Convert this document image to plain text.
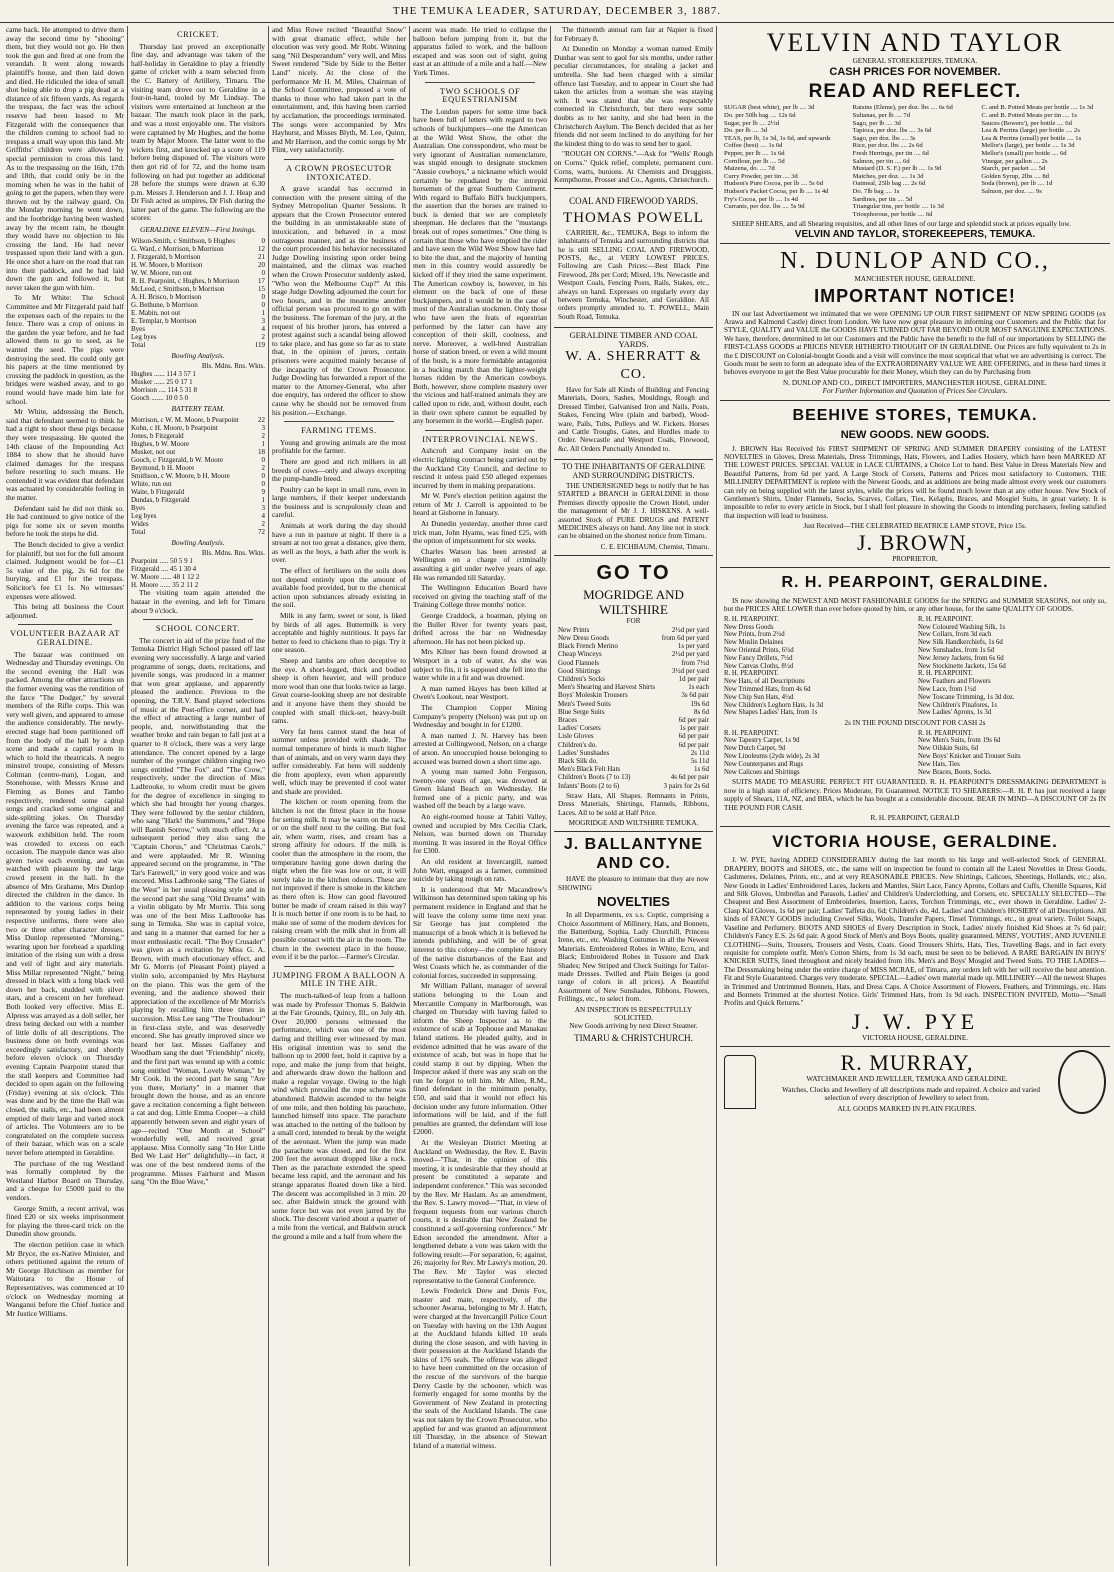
THE TEMUKA LEADER, SATURDAY, DECEMBER 3, 1887.

came back. He attempted to drive them away the second time by "shooing" them, but they would not go. He then took the gun and fired at one from the verandah. It went along towards plaintiff's house, and then laid down and died. He ridiculed the idea of small shot being able to drop a pig dead at a distance of six fifteen yards. As regards the trespass, the fact was the school reserve had been leased to Mr Fitzgerald with the consequence that the children coming to school had to trespass a small way upon this land. Mr Griffiths' children were allowed by special permission to cross this land. As to the trespassing on the 16th, 17th and 18th, that could only be in the morning when he was in the habit of going to get the papers, when they were thrown out by the railway guard. On the Monday morning he went down, and the footbridge having been washed away by the recent rain, he thought they would have no objection to his crossing the land. He had never trespassed upon their land with a gun. He once shot a hare on the road that ran into their paddock, and he had laid down the gun and followed it, but never taken the gun with him.

To Mr White: The School Committee and Mr Fitzgerald paid half the expenses each of the repairs to the fence. There was a crop of onions in the garden the year before, and he had allowed them to go to seed, as he wanted the seed. The pigs were destroying the seed. He could only get his papers at the time mentioned by crossing the paddock in question, as the bridges were washed away, and to go round would have made him late for school.

Mr White, addressing the Bench, said that defendant seemed to think he had a right to shoot these pigs because they were trespassing. He quoted the 14th clause of the Impounding Act 1884 to show that he should have claimed damages for the trespass before resorting to such means. He contended it was evident that defendant was actuated by considerable feeling in the matter.

Defendant said he did not think so. He had continued to give notice of the pigs for some six or seven months before he took the steps he did.

The Bench decided to give a verdict for plaintiff, but not for the full amount claimed. Judgment would be for—£1 5s value of the pig, 2s 6d for the burying, and £1 for the trespass. Solicitor's fee £1 1s. No witnesses' expenses were allowed.

This being all business the Court adjourned.

VOLUNTEER BAZAAR AT GERALDINE.

The bazaar was continued on Wednesday and Thursday evenings. On the second evening the Hall was packed. Among the other attractions on the former evening was the rendition of the farce "The Dodger," by several members of the Rifle corps. This was very well given, and appeared to amuse the audience considerably. The newly-erected stage had been partitioned off from the body of the hall by a drop scene and made a capital room in which to hold the theatricals. A negro minstrel troupe, consisting of Messrs Coltman (centre-man), Logan, and Stonehouse, with Messrs Kruse and Fleming as Bones and Tambo respectively, rendered some capital songs and cracked some original and side-splitting jokes. On Thursday evening the farce was repeated, and a waxwork exhibition held. The room was crowded to excess on each occasion. The maypole dance was also given twice each evening, and was watched with pleasure by the large crowd present in the hall. In the absence of Mrs Grahame, Mrs Dunlop directed the children in the dance. In addition to the various corps being represented by young ladies in their respective uniforms, there were also two or three other character dresses. Miss Dunlop represented "Morning," wearing upon her forehead a sparkling imitation of the rising sun with a dress and veil of light and airy materials. Miss Millar represented "Night," being dressed in black with a long black veil down her back, studded with silver stars, and a crescent on her forehead. Both looked very effective. Miss E. Alpress was arrayed as a doll seller, her dress being decked out with a number of little dolls of all descriptions. The business done on both evenings was exceedingly satisfactory, and shortly before eleven o'clock on Thursday evening Captain Pearpoint stated that the stall keepers and Committee had decided to open again on the following (Friday) evening at six o'clock. This was done and by the time the Hall was closed, the stalls, etc., had been almost emptied of their large and varied stock of articles. The Volunteers are to be congratulated on the complete success of their bazaar, which was on a scale never before attempted in Geraldine.

The purchase of the tug Westland was formally completed by the Westland Harbor Board on Thursday, and a cheque for £5000 paid to the vendors.

George Smith, a recent arrival, was fined £20 or six weeks imprisonment for playing the three-card trick on the Dunedin show grounds.

The election petition case in which Mr Bryce, the ex-Native Minister, and others petitioned against the return of Mr George Hutchison as member for Waitotara to the House of Representatives, was commenced at 10 o'clock on Wednesday morning at Wanganui before the Chief Justice and Mr Justice Williams.

CRICKET.

Thursday last proved an exceptionally fine day, and advantage was taken of the half-holiday in Geraldine to play a friendly game of cricket with a team selected from the C. Battery of Artillery, Timaru. The visiting team drove out to Geraldine in a four-in-hand, tooled by Mr Lindsay. The visitors were entertained at luncheon at the bazaar. The match took place in the park, and was a most enjoyable one. The visitors were captained by Mr Hughes, and the home team by Major Moore. The latter went to the wickets first, and knocked up a score of 119 before being disposed of. The visitors were then got rid of for 72, and the home team following on had put together an additional 28 before the stumps were drawn at 6.30 p.m. Messrs J. Henderson and J. J. Heap and Dr Fish acted as umpires, Dr Fish during the latter part of the game. The following are the scores:

GERALDINE ELEVEN—First Innings.
Wilson-Smith, c Smithson, b Hughes	0
G. Ward, c Morrison, b Morrison	12
J. Fitzgerald, b Morrison	21
H. W. Moore, b Morrison	20
W. W. Moore, run out	0
R. H. Pearpoint, c Hughes, b Morrison	17
McLeod, c Smithson, b Morrison	15
A. H. Brisco, b Morrison	0
G. Bethune, b Morrison	0
E. Mabin, not out	1
E. Templar, b Morrison	3
Byes	4
Leg byes	2
Total	119
Bowling Analysis.
Bls. Mdns. Rns. Wkts.
Hughes ...... 114 3 57 1
Musker ...... 25 0 17 1
Morrison .... 114 5 31 8
Gooch ....... 10 0 5 0
BATTERY TEAM.
Morrison, c W. M. Moore, b Pearpoint	22
Kohn, c H. Moore, b Pearpoint	3
Jones, b Fitzgerald	2
Hughes, b W. Moore	1
Musker, not out	18
Gooch, c Fitzgerald, b W. Moore	0
Beymond, b H. Moore	2
Smithson, c W. Moore, b H. Moore	0
White, run out	0
Waite, b Fitzgerald	9
Dundas, b Fitzgerald	1
Byes	3
Leg byes	4
Wides	2
Total	72
Bowling Analysis.
Bls. Mdns. Rns. Wkts.
Pearpoint ..... 50 5 9 1
Fitzgerald .... 45 1 30 4
W. Moore ...... 48 1 12 2
H. Moore ...... 35 2 11 2

The visiting team again attended the bazaar in the evening, and left for Timaru about 9 o'clock.

SCHOOL CONCERT.

The concert in aid of the prize fund of the Temuka District High School passed off last evening very successfully. A large and varied programme of songs, duets, recitations, and juvenile songs, was produced in a manner that won great applause, and apparently pleased the audience. Previous to the opening, the T.R.V. Band played selections of music at the Post-office corner, and had the effect of attracting a large number of people, and, notwithstanding that the weather broke and rain began to fall just at a quarter to 8 o'clock, there was a very large attendance. The concert opened by a large number of the younger children singing two songs entitled "The Fox" and "The Crow," respectively, under the direction of Miss Ladbrooke, to whom credit must be given for the degree of excellence in singing to which she had brought her young charges. They were followed by the senior children, who sang "Hark! the Summons," and "Hope will Banish Sorrow," with much effect. At a subsequent period they also sang the "Captain Chorus," and "Christmas Carols," and were applauded. Mr R. Winning appeared second on the programme, in "The Tar's Farewell," in very good voice and was encored. Miss Ladbrooke sang "The Gates of the West" in her usual pleasing style and in the second part she sang "Old Dreams" with a violin obligato by Mr Morris. This song was one of the best Miss Ladbrooke has sung in Temuka. She was in capital voice, and sang in a manner that earned for her a most enthusiastic recall. "The Boy Crusader" was given as a recitation by Miss G. A. Brown, with much elocutionary effect, and Mr G. Morris (of Pleasant Point) played a violin solo, accompanied by Mrs Hayhurst on the piano. This was the gem of the evening, and the audience showed their appreciation of the excellence of Mr Morris's playing by recalling him three times in succession. Miss Lee sang "The Troubadour" in first-class style, and was deservedly encored. She has greatly improved since we heard her last. Misses Gaffaney and Woodham sang the duet "Friendship" nicely, and the first part was wound up with a comic song entitled "Woman, Lovely Woman," by Mr Cook. In the second part he sang "Are you there, Moriarty" in a manner that brought down the house, and as an encore gave a recitation concerning a fight between a cat and dog. Little Emma Cooper—a child apparently between seven and eight years of age—recited "One Month at School" wonderfully well, and received great applause. Miss Connolly sang "In Her Little Bed We Laid Her" delightfully—in fact, it was one of the best rendered items of the programme. Misses Fairhurst and Mason sang "On the Blue Wave,"

and Miss Rowe recited "Beautiful Snow" with great dramatic effect, while her elocution was very good. Mr Robt. Winning sang "Nil Desperandum" very well, and Miss Sweet rendered "Side by Side to the Better Land" nicely. At the close of the performance Mr H. M. Miles, Chairman of the School Committee, proposed a vote of thanks to those who had taken part in the entertainment, and, this having been carried by acclamation, the proceedings terminated. The songs were accompanied by Mrs Hayhurst, and Misses Blyth, M. Lee, Quinn, and Mr Harrison, and the comic songs by Mr Flint, very satisfactorily.

A CROWN PROSECUTOR INTOXICATED.

A grave scandal has occurred in connection with the present sitting of the Sydney Metropolitan Quarter Sessions. It appears that the Crown Prosecutor entered the building in an unmistakeable state of intoxication, and behaved in a most outrageous manner, and as the business of the court proceeded his behavior necessitated Judge Dowling insisting upon order being maintained, and the climax was reached when the Crown Prosecutor suddenly asked, "Who won the Melbourne Cup?" At this stage Judge Dowling adjourned the court for two hours, and in the meantime another official person was procured to go on with the business. The foreman of the jury, at the request of his brother jurors, has entered a protest against such a scandal being allowed to take place, and has gone so far as to state that, in the opinion of jurors, certain prisoners were acquitted mainly because of the incapacity of the Crown Prosecutor. Judge Dowling has forwarded a report of the matter to the Attorney-General, who after due enquiry, has ordered the officer to show cause why he should not be removed from his position.—Exchange.

FARMING ITEMS.

Young and growing animals are the most profitable for the farmer.

There are good and rich milkers in all breeds of cows—only and always excepting the pump-handle breed.

Poultry can be kept in small runs, even in large numbers, if their keeper understands the business and is scrupulously clean and careful.

Animals at work during the day should have a run in pasture at night. If there is a stream at not too great a distance, give them, as well as the boys, a bath after the work is over.

The effect of fertilisers on the soils does not depend entirely upon the amount of available food provided, but to the chemical action upon substances already existing in the soil.

Milk in any farm, sweet or sour, is liked by birds of all ages. Buttermilk is very acceptable and highly nutritious. It pays far better to feed to chickens than to pigs. Try it one season.

Sheep and lambs are often deceptive to the eye. A short-legged, thick and bodied sheep is often heavier, and will produce more wool than one that looks twice as large. Great coarse-looking sheep are not desirable and it anyone have them they should be coupled with small thick-set, heavy-built rams.

Very fat hens cannot stand the heat of summer unless provided with shade. The normal temperature of birds is much higher than of animals, and on very warm days they suffer considerably. Fat hens will suddenly die from apoplexy, even when apparently well, which may be prevented if cool water and shade are provided.

The kitchen or room opening from the kitchen is not the fittest place in the house for setting milk. It may be warm on the rack, or on the shelf next to the ceiling. But foul air, when warm, rises, and cream has a strong affinity for odours. If the milk is cooler than the atmosphere in the room, the temperature having gone down during the night when the fire was low or out, it will surely take in the kitchen odours. These are not improved if there is smoke in the kitchen as there often is. How can good flavoured butter be made of cream raised in this way? It is much better if one room is to be had, to make use of some of the modern devices for raising cream with the milk shut in from all possible contact with the air in the room. The churn in the sweetest place in the house, even if it be the parlor.—Farmer's Circular.

JUMPING FROM A BALLOON A MILE IN THE AIR.

The much-talked-of leap from a balloon was made by Professor Thomas S. Baldwin at the Fair Grounds, Quincy, Ill., on July 4th. Over 20,000 persons witnessed the performance, which was one of the most daring and thrilling ever witnessed by man. His original intention was to send the balloon up to 2000 feet, hold it captive by a rope, and make the jump from that height, and afterwards draw down the balloon and make a regular voyage. Owing to the high wind which prevailed the rope scheme was abandoned. Baldwin ascended to the height of one mile, and then holding his parachute, launched himself into space. The parachute was attached to the netting of the balloon by a small cord, intended to break by the weight of the aeronaut. When the jump was made the parachute was closed, and for the first 200 feet the aeronaut dropped like a rock. Then as the parachute extended the speed became less rapid, and the aeronaut and his strange apparatus floated down like a bird. The descent was accomplished in 3 min. 20 sec. after Baldwin struck the ground with some force but was not even jarred by the shock. The descent varied about a quarter of a mile from the vertical, and Baldwin struck the ground a mile and a half from where the

ascent was made. He tried to collapse the balloon before jumping from it, but the apparatus failed to work, and the balloon escaped and was soon out of sight, going east at an altitude of a mile and a half.—New York Times.

TWO SCHOOLS OF EQUESTRIANISM

The London papers for some time back have been full of letters with regard to two schools of buckjumpers—one the American at the Wild West Show, the other the Australian. One correspondent, who must be very ignorant of Australian nomenclature, was stupid enough to designate stockmen "Aussie cowboys," a nickname which would certainly be repudiated by the intrepid horsemen of the great Southern Continent. With regard to Buffalo Bill's buckjumpers, the assertion that the horses are trained to buck is denied that we are completely sheepman. He declares that the "mustangs break out of ropes sometimes." One thing is certain that those who have emptied the rider and have seen the Wild West Show have had to bite the dust, and the majority of hunting men in this country would assuredly be kicked off if they tried the same experiment. The American cowboy is, however, in his element on the back of one of these buckjumpers, and it would be in the case of most of the Australian stockmen. Only those who have seen the feats of equestrian performed by the latter can have any conception of their skill, coolness, and nerve. Moreover, a well-bred Australian horse of station breed, or even a wild mount of the bush, is a more formidable antagonist in a bucking match than the lighter-weight horses ridden by the American cowboys. Both, however, show complete mastery over the vicious and half-trained animals they are called upon to ride, and, without doubt, each in their own sphere cannot be equalled by any horsemen in the world.—English paper.

INTERPROVINCIAL NEWS.

Ashcroft and Company insist on the electric lighting contract being carried out by the Auckland City Council, and decline to rescind it unless paid £50 alleged expenses incurred by them in making preparations.

Mr W. Pere's election petition against the return of Mr J. Carroll is appointed to be heard at Gisborne in January.

At Dunedin yesterday, another three card trick man, John Hyams, was fined £25, with the option of imprisonment for six weeks.

Charles Watson has been arrested at Wellington on a charge of criminally assaulting a girl under twelve years of age. He was remanded till Saturday.

The Wellington Education Board have received on giving the teaching staff of the Training College three months' notice.

George Craddock, a boatman, plying on the Buller River for twenty years past, drifted across the bar on Wednesday afternoon. He has not been picked up.

Mrs Kilner has been found drowned at Westport in a tub of water. As she was subject to fits, it is supposed she fell into the water while in a fit and was drowned.

A man named Hayes has been killed at Owen's Lookout, near Westport.

The Champion Copper Mining Company's property (Nelson) was put up on Wednesday and bought in for £1200.

A man named J. N. Harvey has been arrested at Collingwood, Nelson, on a charge of arson. An unoccupied house belonging to accused was burned down a short time ago.

A young man named John Ferguson, twenty-one years of age, was drowned at Green Island Beach on Wednesday. He formed one of a picnic party, and was washed off the beach by a large wave.

An eight-roomed house at Tahiti Valley, owned and occupied by Mrs Cecilia Clark, Nelson, was burned down on Thursday morning. It was insured in the Royal Office for £300.

An old resident at Invercargill, named John Watt, engaged as a farmer, committed suicide by taking rough on rats.

It is understood that Mr Macandrew's Wilkinson has determined upon taking up his permanent residence in England and that he will leave the colony some time next year. Sir George has just completed the manuscript of a book which it is believed he intends publishing, and will be of great interest to this colony—the complete history of the native disturbances of the East and West Coasts which he, as commander of the colonial forces, succeeded in suppressing.

Mr William Pallant, manager of several stations belonging to the Loan and Mercantile Company in Marlborough, was charged on Thursday with having failed to inform the Sheep Inspector as to the existence of scab at Tophouse and Manakau Island stations. He pleaded guilty, and in evidence admitted that he was aware of the existence of scab, but was in hope that he could stamp it out by dipping. When the Inspector asked if there was any scab on the run he forgot to tell him. Mr Allen, R.M., fined defendant in the minimum penalty, £50, and said that it would not effect his decision under any future information. Other informations will be laid, and if the full penalties are granted, the defendant will lose £2000.

At the Wesleyan District Meeting at Auckland on Wednesday, the Rev. E. Bavin moved—"That, in the opinion of this meeting, it is undesirable that they should at present be constituted a separate and independent conference." This was seconded by the Rev. Mr Haslam. As an amendment, the Rev. S. Lawry moved—"That, in view of frequent requests from our various church courts, it is desirable that New Zealand be constituted a self-governing conference." Mr Edson seconded the amendment. After a lengthened debate a vote was taken with the following result:—For separation, 6; against, 26; majority for Rev. Mr Lawry's motion, 20. The Rev. Mr Taylor was elected representative to the General Conference.

Lewis Frederick Drew and Denis Fox, master and mate, respectively, of the schooner Awarua, belonging to Mr J. Hatch, were charged at the Invercargill Police Court on Tuesday with having on the 13th August at the Auckland Islands killed 10 seals during the close season, and with having in their possession at the Auckland Islands the skins of 176 seals. The offence was alleged to have been committed on the occasion of the rescue of the survivors of the barque Derry Castle by the schooner, which was formerly engaged for some months by the Government of New Zealand in protecting the seals of the Auckland Islands. The case was not taken by the Crown Prosecutor, who applied for and was granted an adjournment till Thursday, in the absence of Stewart Island of a material witness.

The thirteenth annual ram fair at Napier is fixed for February 8.

At Dunedin on Monday a woman named Emily Dunbar was sent to gaol for six months, under rather peculiar circumstances, for stealing a jacket and umbrella. She had been charged with a similar offence last Tuesday, and to appear in Court she had taken the articles from a woman she was staying with. It was stated that she was respectably connected in Christchurch, but there were some doubts as to her sanity, and she had been in the Christchurch Asylum. The Bench decided that as her friends did not seem inclined to do anything for her the kindest thing to do was to send her to gaol.

"ROUGH ON CORNS."—Ask for "Wells' Rough on Corns." Quick relief, complete, permanent cure. Corns, warts, bunions. At Chemists and Druggists. Kempthorne, Prosser and Co., Agents, Christchurch.

COAL AND FIREWOOD YARDS.
THOMAS POWELL

CARRIER, &c., TEMUKA, Begs to inform the inhabitants of Temuka and surrounding districts that he is still SELLING COAL AND FIREWOOD, POSTS, &c., at VERY LOWEST PRICES. Following are Cash Prices:—Best Black Pine Firewood, 28s per Cord; Mixed, 19s. Newcastle and Westport Coals, Fencing Posts, Rails, Stakes, etc., always on hand. Expresses on regularly every day between Temuka, Winchester, and Geraldine. All orders promptly attended to. T. POWELL, Main South Road, Temuka.

GERALDINE TIMBER AND COAL YARDS.
W. A. SHERRATT & CO.

Have for Sale all Kinds of Building and Fencing Materials, Doors, Sashes, Mouldings, Rough and Dressed Timber, Galvanised Iron and Nails, Posts, Stakes, Fencing Wire (plain and barbed), Wood-ware, Pails, Tubs, Pulleys and W. Fickets. Horses and Cattle Troughs, Gates, and Hurdles made to Order. Newcastle and Westport Coals, Firewood, &c. All Orders Punctually Attended to.

TO THE INHABITANTS OF GERALDINE AND SURROUNDING DISTRICTS.

THE UNDERSIGNED begs to notify that he has STARTED a BRANCH in GERALDINE in those Premises directly opposite the Crown Hotel, under the management of Mr J. J. HISKENS. A well-assorted Stock of PURE DRUGS and PATENT MEDICINES always on hand. Any line not in stock can be obtained on the shortest notice from Timaru.

C. E. EICHBAUM, Chemist, Timaru.
GO TO
MOGRIDGE AND WILTSHIRE
FOR
New Prints	2½d per yard
New Dress Goods	from 6d per yard
Black French Merino	1s per yard
Cheap Winceys	2½d per yard
Good Flannels	from 7½d
Good Shirtings	3½d per yard
Children's Socks	1d per pair
Men's Shearing and Harvest Shirts	1s each
Boys' Moleskin Trousers	3s 6d pair
Men's Tweed Suits	19s 6d
Blue Serge Suits	8s 6d
Braces	6d per pair
Ladies' Corsets	1s per pair
Lisle Gloves	6d per pair
Children's do.	6d per pair
Ladies' Sunshades	2s 11d
Black Silk do.	5s 11d
Men's Black Felt Hats	1s 6d
Children's Boots (7 to 13)	4s 6d per pair
Infants' Boots (2 to 6)	3 pairs for 2s 6d

Straw Hats, All Shapes. Remnants in Prints, Dress Materials, Shirtings, Flannels, Ribbons, Laces. All to be sold at Half Price.

MOGRIDGE AND WILTSHIRE TEMUKA.
J. BALLANTYNE AND CO.

HAVE the pleasure to intimate that they are now SHOWING

NOVELTIES

In all Departments, ex s.s. Coptic, comprising a Choice Assortment of Millinery, Hats, and Bonnets, the Battenburg, Sophia, Lady Churchill, Princess Irene, etc., etc. Washing Costumes in all the Newest Materials. Embroidered Robes in White, Ecru, and Black; Embroidered Robes in Tussore and Dark Shades; New Striped and Check Suitings for Tailor-made Dresses. Twilled and Plain Beiges (a good range of colors in all prices). A Beautiful Assortment of New Sunshades, Ribbons, Flowers, Frillings, etc., to select from.

AN INSPECTION IS RESPECTFULLY SOLICITED.
New Goods arriving by next Direct Steamer.
TIMARU & CHRISTCHURCH.
VELVIN AND TAYLOR
GENERAL STOREKEEPERS, TEMUKA.
CASH PRICES FOR NOVEMBER.
READ AND REFLECT.
SUGAR (best white), per lb .... 3d
Do. per 50lb bag .... 12s 6d
Sugar, per lb .... 2½d
Do. per lb .... 3d
TEAS, per lb, 1s 3d, 1s 6d, and upwards
Coffee (best) .... 1s 6d
Pepper, per lb .... 1s 6d
Cornflour, per lb .... 5d
Maizena, do. .... 7d
Curry Powder, per tin .... 3d
Hudson's Pure Cocoa, per lb .... 5s 6d
Hudson's Packet Cocoa, per lb .... 1s 4d
Fry's Cocoa, per lb .... 1s 4d
Currants, per doz. lbs .... 5s 9d
Raisins (Eleme), per doz. lbs .... 6s 6d
Sultanas, per lb .... 7d
Sago, per lb .... 3d
Tapioca, per doz. lbs .... 3s 6d
Sago, per doz. lbs .... 3s
Rice, per doz. lbs .... 2s 6d
Fresh Herrings, per tin .... 6d
Salmon, per tin .... 6d
Mustard (D. S. F.) per lb .... 1s 9d
Matches, per doz. .... 1s 3d
Oatmeal, 25lb bag .... 2s 6d
Do. 7lb bag .... 1s
Sardines, per tin .... 5d
Triangular tins, per bottle .... 1s 3d
Triosphorous, per bottle .... 6d
C. and B. Potted Meats per bottle .... 1s 3d
C. and B. Potted Meats per tin .... 1s
Sauces (Bowers'), per bottle .... 6d
Lea & Perrins (large) per bottle .... 2s
Lea & Perrins (small) per bottle .... 1s
Mellor's (large), per bottle .... 1s 3d
Mellor's (small) per bottle .... 6d
Vinegar, per gallon .... 2s
Starch, per packet .... 5d
Golden Syrup, 2lbs .... 8d
Soda (brown), per lb .... 1d
Salmon, per doz. .... 9s

SHEEP SHEARS, and all Shearing requisites, and all other lines of our large and splendid stock at prices equally low.

VELVIN AND TAYLOR, STOREKEEPERS, TEMUKA.
N. DUNLOP AND CO.,
MANCHESTER HOUSE, GERALDINE.
IMPORTANT NOTICE!

IN our last Advertisement we intimated that we were OPENING UP OUR FIRST SHIPMENT OF NEW SPRING GOODS (ex Arawa and Kalmond Castle) direct from London. We have now great pleasure in informing our Customers and the Public that for STYLE, QUALITY and VALUE the GOODS HAVE TURNED OUT FAR BEYOND OUR MOST SANGUINE EXPECTATIONS. We have, therefore, determined to let our Customers and the Public have the benefit to the full of our importations by SELLING the FIRST-CLASS GOODS at PRICES NEVER HITHERTO THOUGHT OF IN GERALDINE. Our Prices are fully equivalent to 2s in the £ DISCOUNT on Colonial-bought Goods and a visit will convince the most sceptical that what we are advertising is correct. The Goods must be seen to form an adequate idea of the EXTRAORDINARY VALUE WE ARE OFFERING, and in these hard times it behoves everyone to get the Best Value procurable for their Money, which they can do by Purchasing from

N. DUNLOP AND CO., DIRECT IMPORTERS, MANCHESTER HOUSE, GERALDINE.
For Further Information and Quotation of Prices See Circulars.
BEEHIVE STORES, TEMUKA.
NEW GOODS. NEW GOODS.

J. BROWN Has Received his FIRST SHIPMENT OF SPRING AND SUMMER DRAPERY consisting of the LATEST NOVELTIES in Gloves, Dress Materials, Dress Trimmings, Hats, Flowers, and Ladies Hosiery, which have been MARKED AT THE LOWEST PRICES. SPECIAL VALUE in LACE CURTAINS, a Choice Lot to hand. Best Value in Dress Materials New and Beautiful Patterns, from 6d per yard. A Large Stock of Corsets, Patterns and Prices most satisfactory to Customers. THE MILLINERY DEPARTMENT is replete with the Newest Goods, and as additions are being made almost every week our customers can rely on being supplied with the latest styles, while the prices will be found much lower than at any other house. New Stock of Gentlemen's Shirts, Under Flannels, Socks, Scarves, Collars, Ties, Kelaphs, Braces, and Mosgiel Suits, in great variety. It is impossible to refer to every article in Stock, but I shall feel pleasure in showing the Goods to intending purchasers, feeling satisfied that inspection will lead to business.

Just Received—THE CELEBRATED BEATRICE LAMP STOVE, Price 15s.
J. BROWN,
PROPRIETOR.
R. H. PEARPOINT, GERALDINE.

IS now showing the NEWEST AND MOST FASHIONABLE GOODS for the SPRING and SUMMER SEASONS, not only so, but the PRICES ARE LOWER than ever before quoted by him, or any other house, for the same QUALITY OF GOODS.

R. H. PEARPOINT.
New Dress Goods
New Prints, from 2½d
New Muslin Delaines
New Oriental Prints, 6½d
New Fancy Drillets, 7½d
New Canvas Cloths, 8½d
R. H. PEARPOINT.
New Hats, of all Descriptions
New Trimmed Hats, from 4s 6d
New Chip Sun Hats, 4½d
New Children's Leghorn Hats, 1s 3d
New Shapes Ladies' Hats, from 1s
R. H. PEARPOINT.
New Coloured Washing Silk, 1s
New Collars, from 3d each
New Silk Handkerchiefs, 1s 6d
New Sunshades, from 1s 6d
New Jersey Jackets, from 6s 6d
New Stockinette Jackets, 15s 6d
R. H. PEARPOINT.
New Feathers and Flowers
New Lace, from 1½d
New Toscane Trimming, 1s 3d doz.
New Children's Pinafores, 1s
New Ladies' Aprons, 1s 3d
2s IN THE POUND DISCOUNT FOR CASH 2s
R. H. PEARPOINT.
New Tapestry Carpet, 1s 9d
New Dutch Carpet, 9d
New Linoleums (2yds wide), 2s 3d
New Counterpanes and Rugs
New Calicoes and Shirtings
R. H. PEARPOINT.
New Men's Suits, from 19s 6d
New Oilskin Suits, 6d
New Boys' Knicker and Trouser Suits
New Hats, Ties
New Braces, Boots, Socks.

SUITS MADE TO MEASURE. PERFECT FIT GUARANTEED. R. H. PEARPOINT'S DRESSMAKING DEPARTMENT is now in a high state of efficiency. Prices Moderate, Fit Guaranteed. NOTICE TO SHEARERS:—R. H. P. has just received a large supply of Shears, 11A, NZ, and BBA, which he has bought at a considerable discount. BEAR IN MIND—A DISCOUNT OF 2s IN THE POUND FOR CASH.

R. H. PEARPOINT, GERALD
VICTORIA HOUSE, GERALDINE.

J. W. PYE, having ADDED CONSIDERABLY during the last month to his large and well-selected Stock of GENERAL DRAPERY, BOOTS and SHOES, etc., the same will on inspection be found to contain all the Latest Novelties in Dress Goods, Cashmeres, Delaines, Prints, etc., and at very REASONABLE PRICES. New Shirtings, Calicoes, Sheetings, Hollands, etc.; also, New Goods in Ladies' Embroidered Laces, Jackets and Mantles, Skirt Lace, Fancy Aprons, Collars and Cuffs, Chenille Squares, Kid and Silk Gloves, Umbrellas and Parasols, Ladies' and Children's Underclothing, and Corsets, etc. SPECIALLY SELECTED—The Cheapest and Best Assortment of Embroideries, Insertion, Laces, Torchon Trimmings, etc., ever shown in Geraldine. Ladies' 2-Clasp Kid Gloves, 1s 6d per pair; Ladies' Taffeta do, 6d; Children's do, 4d. Ladies' and Children's HOSIERY of all Descriptions. All kinds of FANCY GOODS including Crewel Silks, Wools, Transfer Papers, Tinsel Trimmings, etc., in great variety. Toilet Soaps, Vaseline and Perfumery. BOOTS AND SHOES of Every Description in Stock, Ladies' nicely finished Kid Shoes at 7s 6d pair; Children's Fancy E.S. 2s 6d pair. A good Stock of Men's and Boys Boots, quality guaranteed. MENS', YOUTHS', AND JUVENILE CLOTHING—Suits, Trousers, Trousers and Vests, Coats. Good Trousers Shirts, Hats, Ties, Travelling Bags, and in fact every requisite for complete outfit. Men's Cotton Shirts, from 1s 3d each, must be seen to be believed. A RARE BARGAIN IN BOYS' KNICKER SUITS, lined throughout and nicely braided from 10s. Men's and Boys' Mosgiel and Tweed Suits. TO THE LADIES—The Dressmaking being under the entire charge of MISS MCRAE, of Timaru, any orders left with her will receive the best attention. Fit and Style Guaranteed. Charges very moderate. SPECIAL—Ladies' own material made up. MILLINERY—All the newest Shapes in Trimmed and Untrimmed Bonnets, Hats, and Dress Caps. A Choice Assortment of Flowers, Feathers, and Trimmings, etc. Hats and Bonnets Trimmed at the shortest Notice. Girls' Trimmed Hats, from 1s 9d each. INSPECTION INVITED, Motto—"Small Profits and Quick Returns."

J. W. PYE
VICTORIA HOUSE, GERALDINE.
R. MURRAY,
WATCHMAKER AND JEWELLER, TEMUKA AND GERALDINE.

Watches, Clocks and Jewellery of all descriptions made and repaired. A choice and varied selection of every description of Jewellery to select from.

ALL GOODS MARKED IN PLAIN FIGURES.
